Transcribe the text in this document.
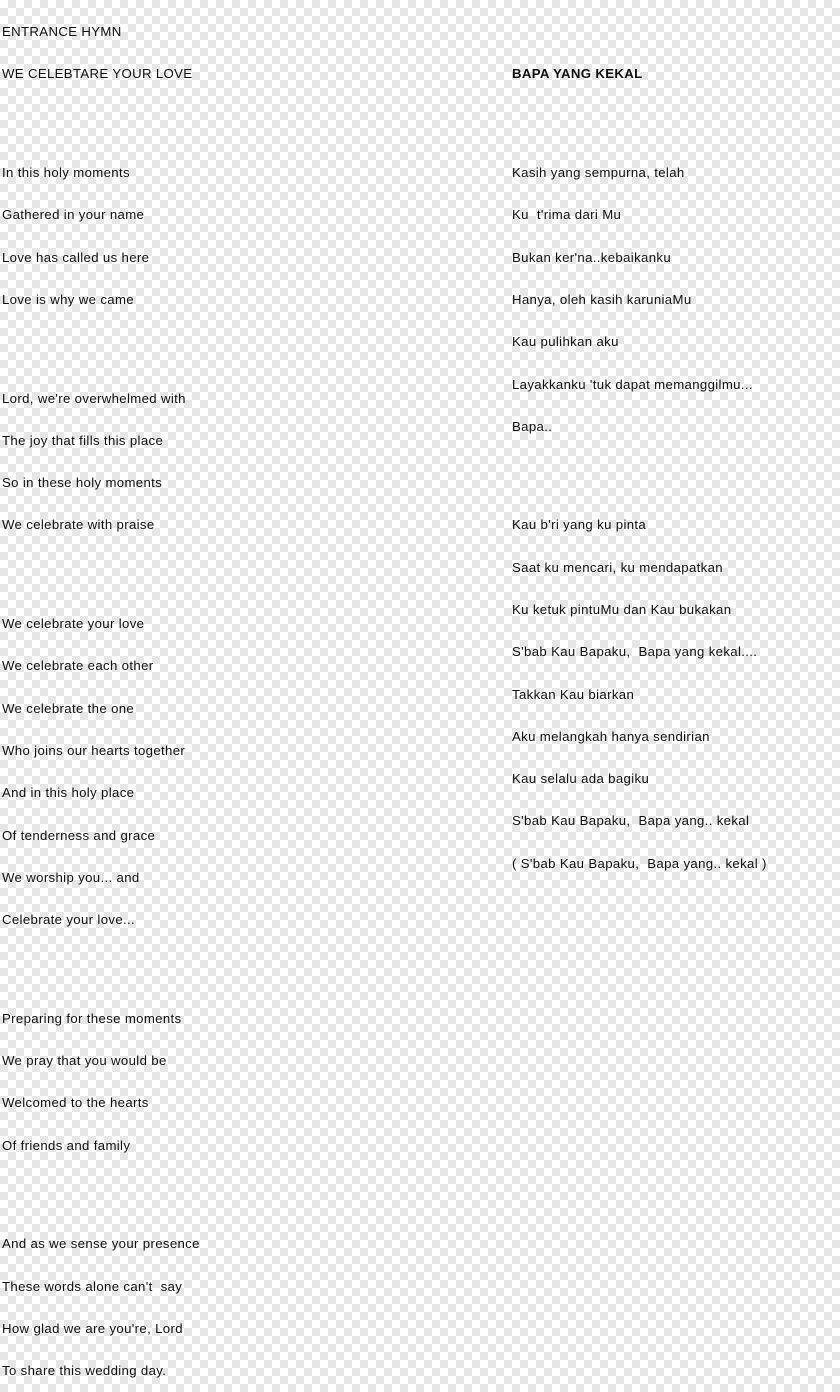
ENTRANCE HYMN

WE CELEBTARE YOUR LOVE

In this holy moments

Gathered in your name

Love has called us here

Love is why we came

Lord, we're overwhelmed with

The joy that fills this place

So in these holy moments

We celebrate with praise

We celebrate your love

We celebrate each other

We celebrate the one

Who joins our hearts together

And in this holy place

Of tenderness and grace

We worship you... and

Celebrate your love...

Preparing for these moments

We pray that you would be

Welcomed to the hearts

Of friends and family

And as we sense your presence

These words alone can't  say

How glad we are you're, Lord

To share this wedding day.

BAPA YANG KEKAL

Kasih yang sempurna, telah

Ku  t'rima dari Mu

Bukan ker'na..kebaikanku

Hanya, oleh kasih karuniaMu

Kau pulihkan aku

Layakkanku 'tuk dapat memanggilmu...

Bapa..

Kau b'ri yang ku pinta

Saat ku mencari, ku mendapatkan

Ku ketuk pintuMu dan Kau bukakan

S'bab Kau Bapaku,  Bapa yang kekal....

Takkan Kau biarkan

Aku melangkah hanya sendirian

Kau selalu ada bagiku

S'bab Kau Bapaku,  Bapa yang.. kekal

( S'bab Kau Bapaku,  Bapa yang.. kekal )
